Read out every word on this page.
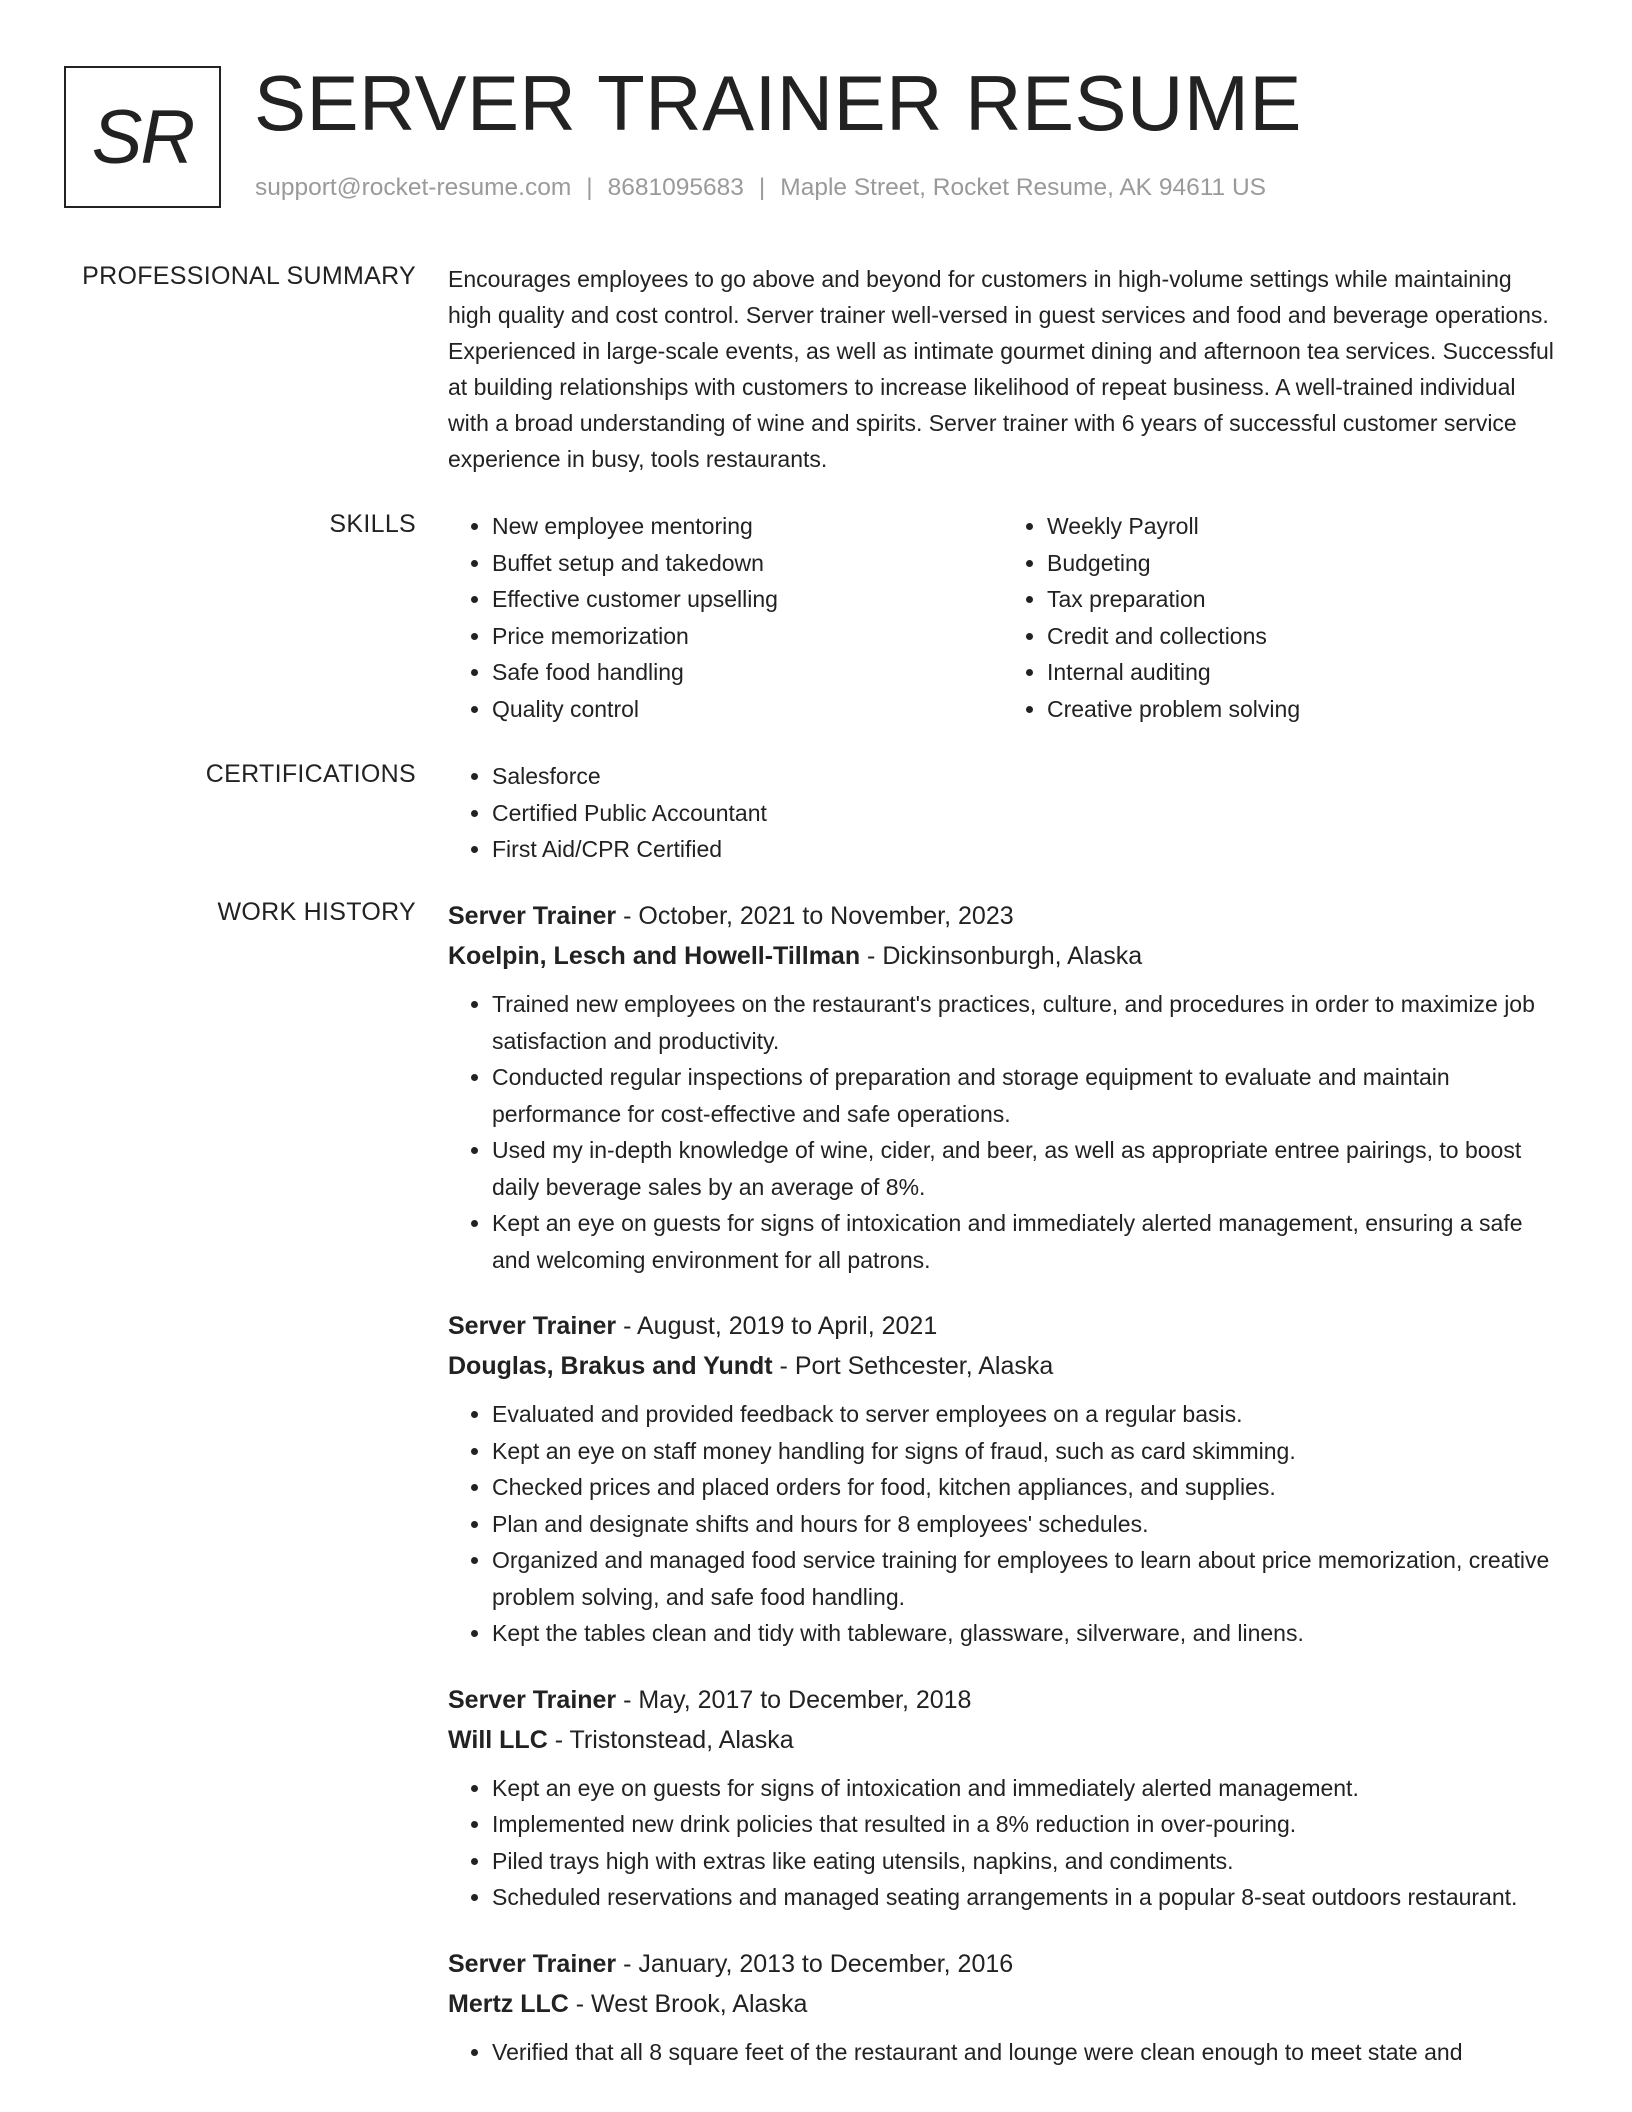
SR SERVER TRAINER RESUME
support@rocket-resume.com | 8681095683 | Maple Street, Rocket Resume, AK 94611 US
PROFESSIONAL SUMMARY Encourages employees to go above and beyond for customers in high-volume settings while maintaining high quality and cost control. Server trainer well-versed in guest services and food and beverage operations. Experienced in large-scale events, as well as intimate gourmet dining and afternoon tea services. Successful at building relationships with customers to increase likelihood of repeat business. A well-trained individual with a broad understanding of wine and spirits. Server trainer with 6 years of successful customer service experience in busy, tools restaurants.

SKILLS	• New employee mentoring
• Buffet setup and takedown
• Effective customer upselling
• Price memorization
• Safe food handling
• Quality control
• Weekly Payroll
• Budgeting
• Tax preparation
• Credit and collections
• Internal auditing
• Creative problem solving
CERTIFICATIONS	• Salesforce
• Certified Public Accountant
• First Aid/CPR Certified
WORK HISTORY Server Trainer - October, 2021 to November, 2023
Koelpin, Lesch and Howell-Tillman - Dickinsonburgh, Alaska
• Trained new employees on the restaurant's practices, culture, and procedures in order to maximize job satisfaction and productivity.
• Conducted regular inspections of preparation and storage equipment to evaluate and maintain performance for cost-effective and safe operations.
• Used my in-depth knowledge of wine, cider, and beer, as well as appropriate entree pairings, to boost daily beverage sales by an average of 8%.
• Kept an eye on guests for signs of intoxication and immediately alerted management, ensuring a safe and welcoming environment for all patrons.
Server Trainer - August, 2019 to April, 2021
Douglas, Brakus and Yundt - Port Sethcester, Alaska
• Evaluated and provided feedback to server employees on a regular basis.
• Kept an eye on staff money handling for signs of fraud, such as card skimming.
• Checked prices and placed orders for food, kitchen appliances, and supplies.
• Plan and designate shifts and hours for 8 employees' schedules.
• Organized and managed food service training for employees to learn about price memorization, creative problem solving, and safe food handling.
• Kept the tables clean and tidy with tableware, glassware, silverware, and linens.
Server Trainer - May, 2017 to December, 2018
Will LLC - Tristonstead, Alaska
• Kept an eye on guests for signs of intoxication and immediately alerted management.
• Implemented new drink policies that resulted in a 8% reduction in over-pouring.
• Piled trays high with extras like eating utensils, napkins, and condiments.
• Scheduled reservations and managed seating arrangements in a popular 8-seat outdoors restaurant.
Server Trainer - January, 2013 to December, 2016
Mertz LLC - West Brook, Alaska
• Verified that all 8 square feet of the restaurant and lounge were clean enough to meet state and
